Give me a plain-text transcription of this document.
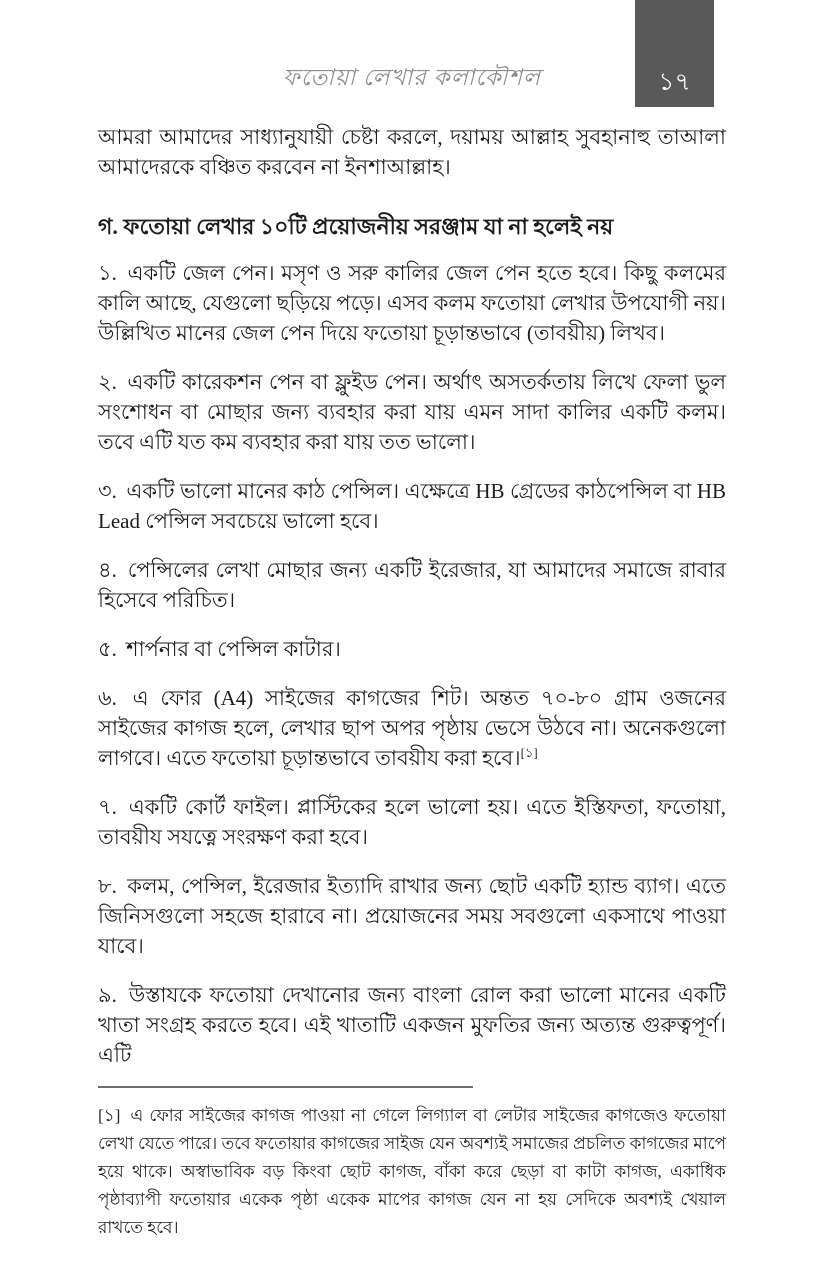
১৭
ফতোয়া লেখার কলাকৌশল

আমরা আমাদের সাধ্যানুযায়ী চেষ্টা করলে, দয়াময় আল্লাহ সুবহানাহু তাআলা আমাদেরকে বঞ্চিত করবেন না ইনশাআল্লাহ।

গ. ফতোয়া লেখার ১০টি প্রয়োজনীয় সরঞ্জাম যা না হলেই নয়

১. একটি জেল পেন। মসৃণ ও সরু কালির জেল পেন হতে হবে। কিছু কলমের কালি আছে, যেগুলো ছড়িয়ে পড়ে। এসব কলম ফতোয়া লেখার উপযোগী নয়। উল্লিখিত মানের জেল পেন দিয়ে ফতোয়া চূড়ান্তভাবে (তাবয়ীয়) লিখব।

২. একটি কারেকশন পেন বা ফ্লুইড পেন। অর্থাৎ অসতর্কতায় লিখে ফেলা ভুল সংশোধন বা মোছার জন্য ব্যবহার করা যায় এমন সাদা কালির একটি কলম। তবে এটি যত কম ব্যবহার করা যায় তত ভালো।

৩. একটি ভালো মানের কাঠ পেন্সিল। এক্ষেত্রে HB গ্রেডের কাঠপেন্সিল বা HB Lead পেন্সিল সবচেয়ে ভালো হবে।

৪. পেন্সিলের লেখা মোছার জন্য একটি ইরেজার, যা আমাদের সমাজে রাবার হিসেবে পরিচিত।

৫. শার্পনার বা পেন্সিল কাটার।

৬. এ ফোর (A4) সাইজের কাগজের শিট। অন্তত ৭০-৮০ গ্রাম ওজনের সাইজের কাগজ হলে, লেখার ছাপ অপর পৃষ্ঠায় ভেসে উঠবে না। অনেকগুলো লাগবে। এতে ফতোয়া চূড়ান্তভাবে তাবয়ীয করা হবে।[১]

৭. একটি কোর্ট ফাইল। প্লাস্টিকের হলে ভালো হয়। এতে ইস্তিফতা, ফতোয়া, তাবয়ীয সযত্নে সংরক্ষণ করা হবে।

৮. কলম, পেন্সিল, ইরেজার ইত্যাদি রাখার জন্য ছোট একটি হ্যান্ড ব্যাগ। এতে জিনিসগুলো সহজে হারাবে না। প্রয়োজনের সময় সবগুলো একসাথে পাওয়া যাবে।

৯. উস্তাযকে ফতোয়া দেখানোর জন্য বাংলা রোল করা ভালো মানের একটি খাতা সংগ্রহ করতে হবে। এই খাতাটি একজন মুফতির জন্য অত্যন্ত গুরুত্বপূর্ণ। এটি

[১] এ ফোর সাইজের কাগজ পাওয়া না গেলে লিগ্যাল বা লেটার সাইজের কাগজেও ফতোয়া লেখা যেতে পারে। তবে ফতোয়ার কাগজের সাইজ যেন অবশ্যই সমাজের প্রচলিত কাগজের মাপে হয়ে থাকে। অস্বাভাবিক বড় কিংবা ছোট কাগজ, বাঁকা করে ছেড়া বা কাটা কাগজ, একাধিক পৃষ্ঠাব্যাপী ফতোয়ার একেক পৃষ্ঠা একেক মাপের কাগজ যেন না হয় সেদিকে অবশ্যই খেয়াল রাখতে হবে।
